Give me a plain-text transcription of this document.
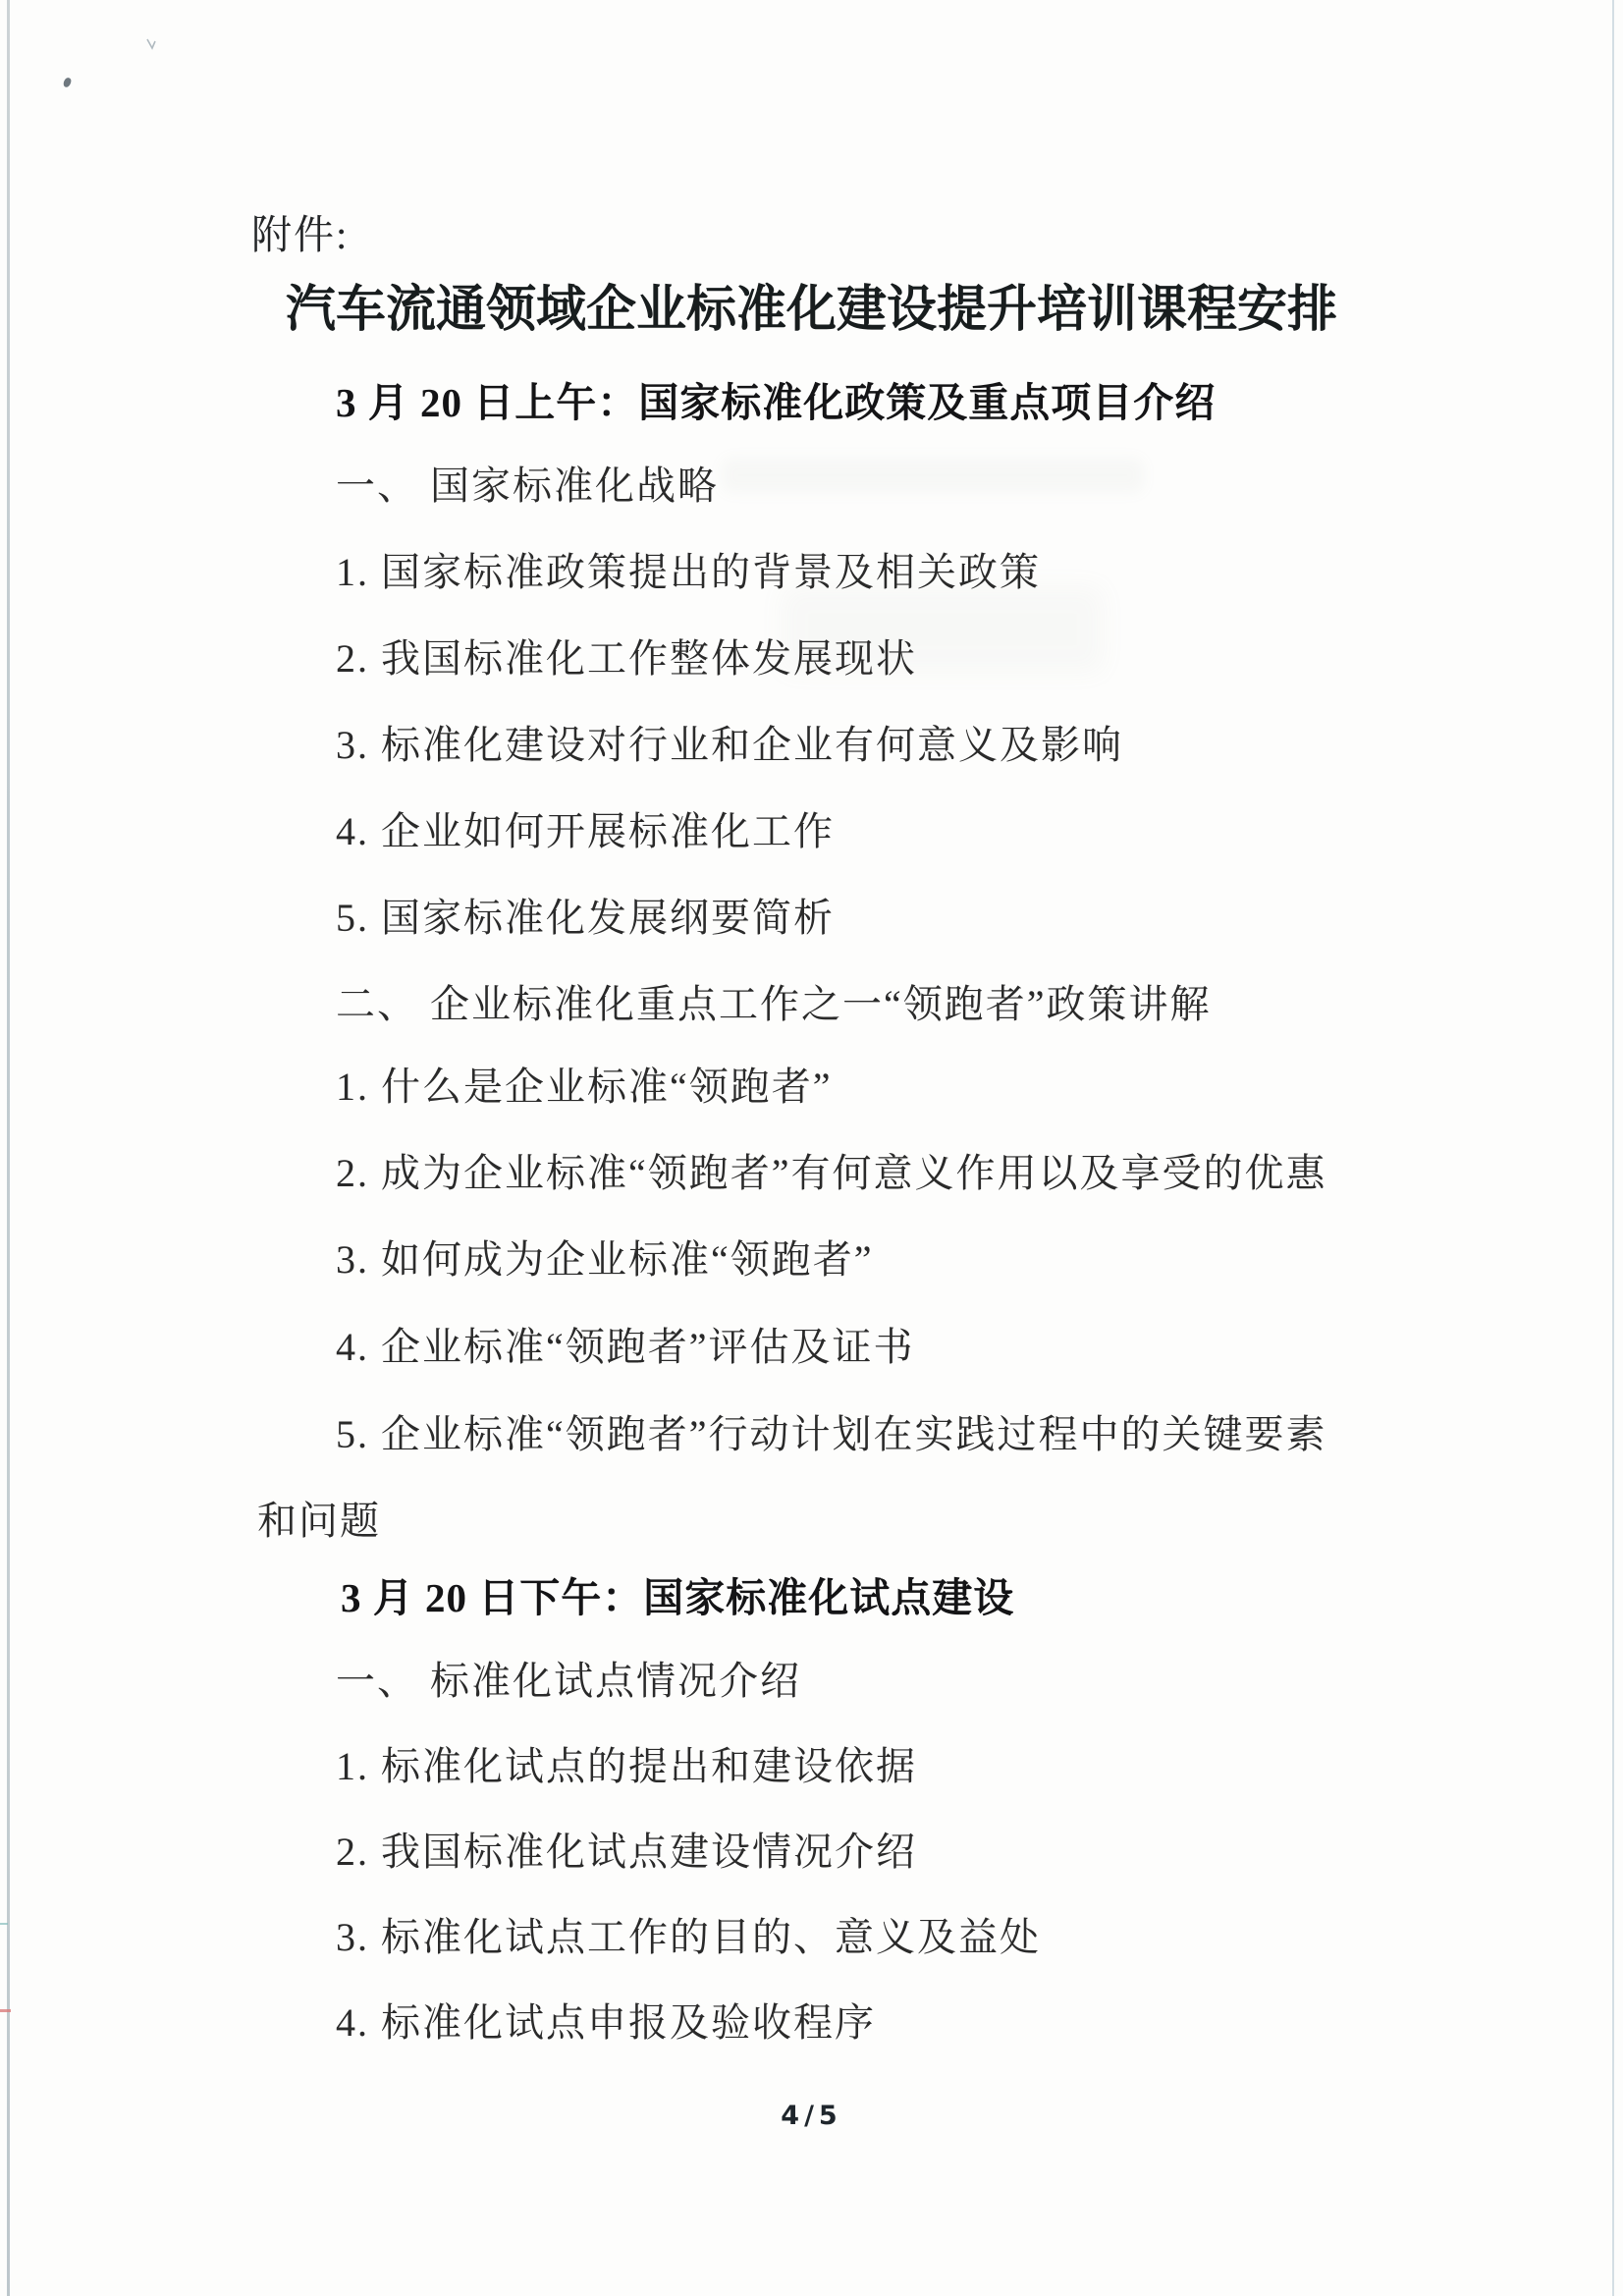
附件:
汽车流通领域企业标准化建设提升培训课程安排
3 月 20 日上午：国家标准化政策及重点项目介绍
一、 国家标准化战略
1. 国家标准政策提出的背景及相关政策
2. 我国标准化工作整体发展现状
3. 标准化建设对行业和企业有何意义及影响
4. 企业如何开展标准化工作
5. 国家标准化发展纲要简析
二、 企业标准化重点工作之一“领跑者”政策讲解
1. 什么是企业标准“领跑者”
2. 成为企业标准“领跑者”有何意义作用以及享受的优惠
3. 如何成为企业标准“领跑者”
4. 企业标准“领跑者”评估及证书
5. 企业标准“领跑者”行动计划在实践过程中的关键要素
和问题
3 月 20 日下午：国家标准化试点建设
一、 标准化试点情况介绍
1. 标准化试点的提出和建设依据
2. 我国标准化试点建设情况介绍
3. 标准化试点工作的目的、意义及益处
4. 标准化试点申报及验收程序
4/5
